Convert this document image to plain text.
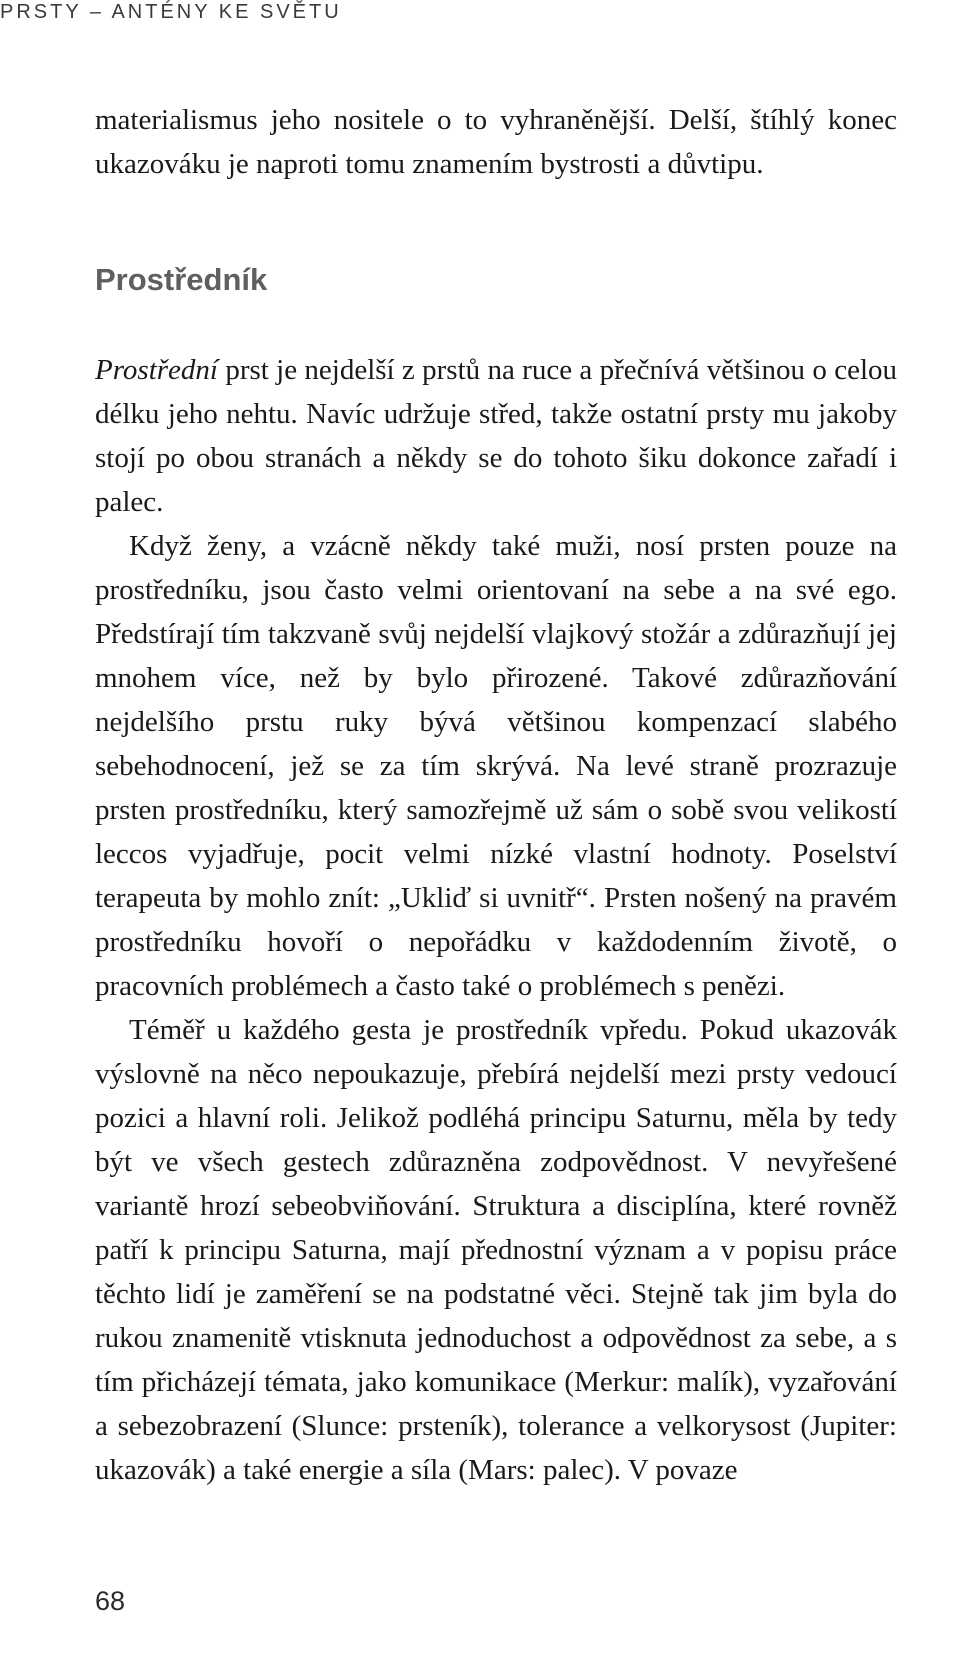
PRSTY – ANTÉNY KE SVĚTU

materialismus jeho nositele o to vyhraněnější. Delší, štíhlý konec ukazováku je naproti tomu znamením bystrosti a důvtipu.

Prostředník

Prostřední prst je nejdelší z prstů na ruce a přečnívá většinou o celou délku jeho nehtu. Navíc udržuje střed, takže ostatní prsty mu jakoby stojí po obou stranách a někdy se do tohoto šiku dokonce zařadí i palec.

Když ženy, a vzácně někdy také muži, nosí prsten pouze na prostředníku, jsou často velmi orientovaní na sebe a na své ego. Předstírají tím takzvaně svůj nejdelší vlajkový stožár a zdůrazňují jej mnohem více, než by bylo přirozené. Takové zdůrazňování nejdelšího prstu ruky bývá většinou kompenzací slabého sebehodnocení, jež se za tím skrývá. Na levé straně prozrazuje prsten prostředníku, který samozřejmě už sám o sobě svou velikostí leccos vyjadřuje, pocit velmi nízké vlastní hodnoty. Poselství terapeuta by mohlo znít: „Ukliď si uvnitř“. Prsten nošený na pravém prostředníku hovoří o nepořádku v každodenním životě, o pracovních problémech a často také o problémech s penězi.

Téměř u každého gesta je prostředník vpředu. Pokud ukazovák výslovně na něco nepoukazuje, přebírá nejdelší mezi prsty vedoucí pozici a hlavní roli. Jelikož podléhá principu Saturnu, měla by tedy být ve všech gestech zdůrazněna zodpovědnost. V nevyřešené variantě hrozí sebeobviňování. Struktura a disciplína, které rovněž patří k principu Saturna, mají přednostní význam a v popisu práce těchto lidí je zaměření se na podstatné věci. Stejně tak jim byla do rukou znamenitě vtisknuta jednoduchost a odpovědnost za sebe, a s tím přicházejí témata, jako komunikace (Merkur: malík), vyzařování a sebezobrazení (Slunce: prsteník), tolerance a velkorysost (Jupiter: ukazovák) a také energie a síla (Mars: palec). V povaze

68
